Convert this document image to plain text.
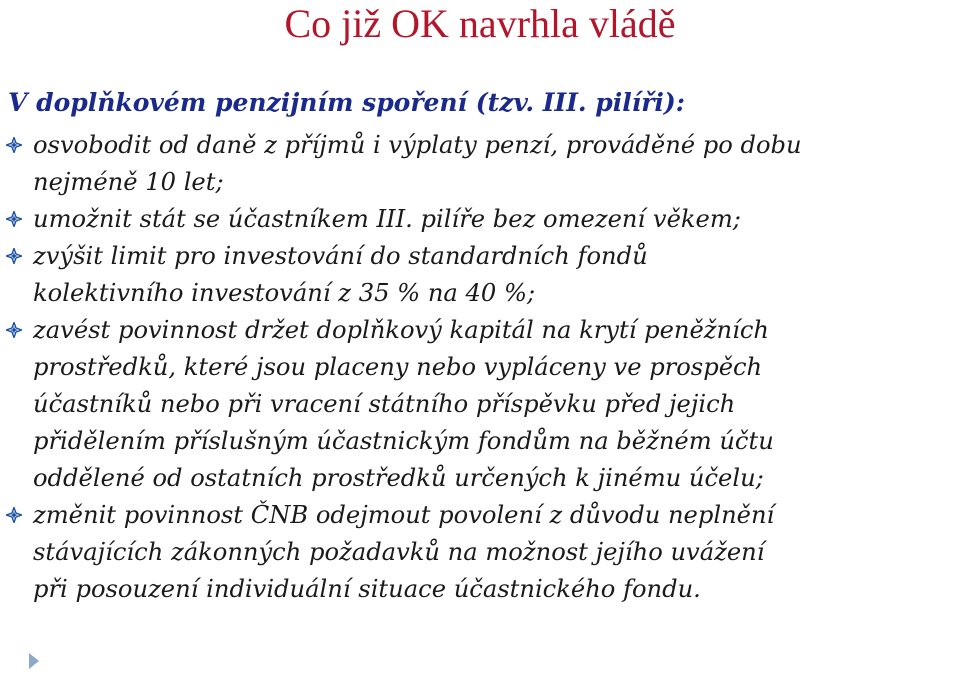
Co již OK navrhla vládě
V doplňkovém penzijním spoření (tzv. III. pilíři):
osvobodit od daně z příjmů i výplaty penzí, prováděné po dobu
nejméně 10 let;
umožnit stát se účastníkem III. pilíře bez omezení věkem;
zvýšit limit pro investování do standardních fondů
kolektivního investování z 35 % na 40 %;
zavést povinnost držet doplňkový kapitál na krytí peněžních
prostředků, které jsou placeny nebo vypláceny ve prospěch
účastníků nebo při vracení státního příspěvku před jejich
přidělením příslušným účastnickým fondům na běžném účtu
oddělené od ostatních prostředků určených k jinému účelu;
změnit povinnost ČNB odejmout povolení z důvodu neplnění
stávajících zákonných požadavků na možnost jejího uvážení
při posouzení individuální situace účastnického fondu.
